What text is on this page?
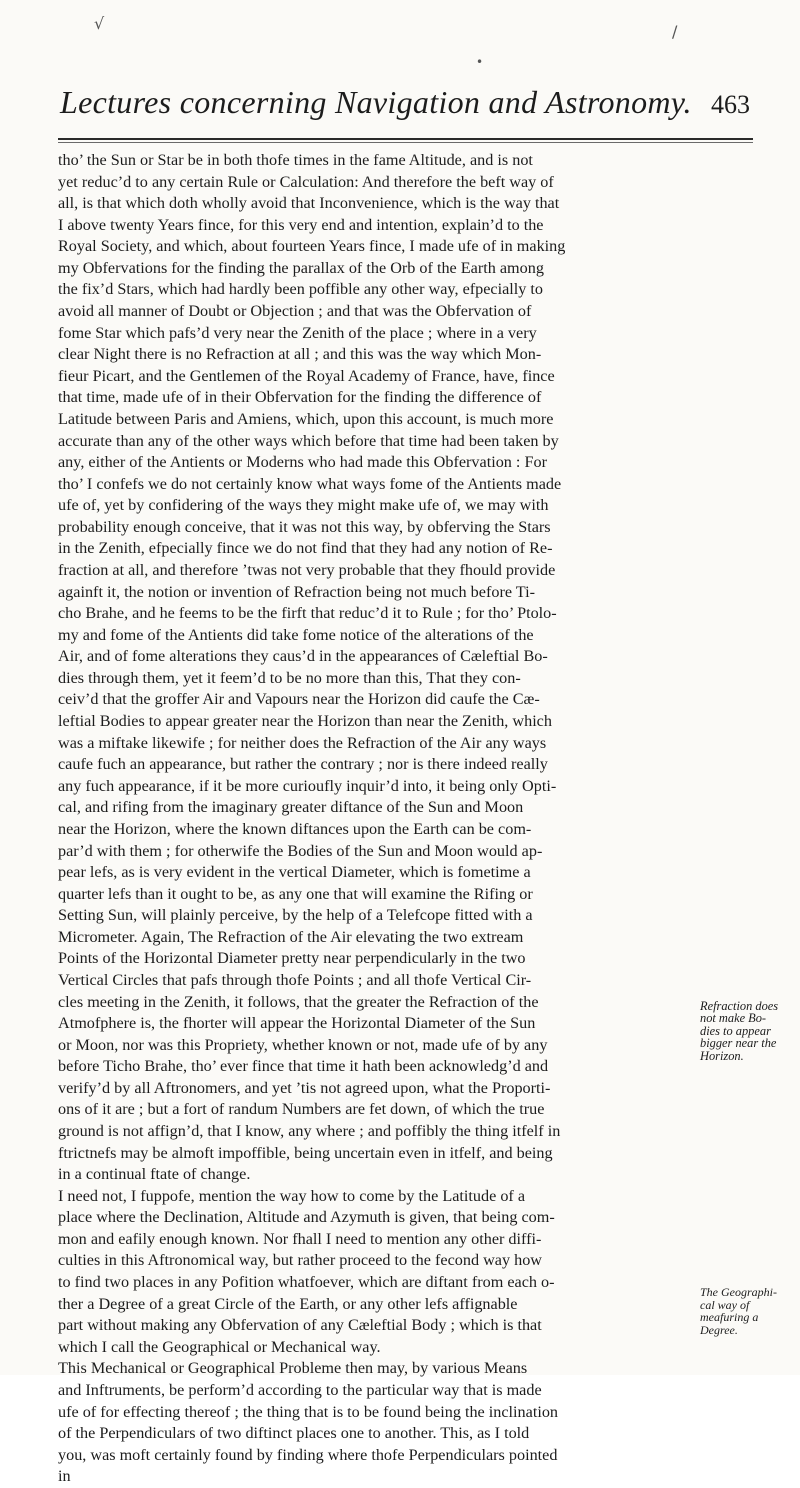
√	/
•
Lectures concerning Navigation and Astronomy. 463
tho’ the Sun or Star be in both thofe times in the fame Altitude, and is not
yet reduc’d to any certain Rule or Calculation: And therefore the beft way of
all, is that which doth wholly avoid that Inconvenience, which is the way that
I above twenty Years fince, for this very end and intention, explain’d to the
Royal Society, and which, about fourteen Years fince, I made ufe of in making
my Obfervations for the finding the parallax of the Orb of the Earth among
the fix’d Stars, which had hardly been poffible any other way, efpecially to
avoid all manner of Doubt or Objection ; and that was the Obfervation of
fome Star which pafs’d very near the Zenith of the place ; where in a very
clear Night there is no Refraction at all ; and this was the way which Mon-
fieur Picart, and the Gentlemen of the Royal Academy of France, have, fince
that time, made ufe of in their Obfervation for the finding the difference of
Latitude between Paris and Amiens, which, upon this account, is much more
accurate than any of the other ways which before that time had been taken by
any, either of the Antients or Moderns who had made this Obfervation : For
tho’ I confefs we do not certainly know what ways fome of the Antients made
ufe of, yet by confidering of the ways they might make ufe of, we may with
probability enough conceive, that it was not this way, by obferving the Stars
in the Zenith, efpecially fince we do not find that they had any notion of Re-
fraction at all, and therefore ’twas not very probable that they fhould provide
againft it, the notion or invention of Refraction being not much before Ti-
cho Brahe, and he feems to be the firft that reduc’d it to Rule ; for tho’ Ptolo-
my and fome of the Antients did take fome notice of the alterations of the
Air, and of fome alterations they caus’d in the appearances of Cæleftial Bo-
dies through them, yet it feem’d to be no more than this, That they con-
ceiv’d that the groffer Air and Vapours near the Horizon did caufe the Cæ-
leftial Bodies to appear greater near the Horizon than near the Zenith, which
was a miftake likewife ; for neither does the Refraction of the Air any ways
caufe fuch an appearance, but rather the contrary ; nor is there indeed really
any fuch appearance, if it be more curioufly inquir’d into, it being only Opti-
cal, and rifing from the imaginary greater diftance of the Sun and Moon
near the Horizon, where the known diftances upon the Earth can be com-
par’d with them ; for otherwife the Bodies of the Sun and Moon would ap-
pear lefs, as is very evident in the vertical Diameter, which is fometime a
quarter lefs than it ought to be, as any one that will examine the Rifing or
Setting Sun, will plainly perceive, by the help of a Telefcope fitted with a
Micrometer. Again, The Refraction of the Air elevating the two extream
Points of the Horizontal Diameter pretty near perpendicularly in the two
Vertical Circles that pafs through thofe Points ; and all thofe Vertical Cir-
cles meeting in the Zenith, it follows, that the greater the Refraction of the
Atmofphere is, the fhorter will appear the Horizontal Diameter of the Sun
or Moon, nor was this Propriety, whether known or not, made ufe of by any
before Ticho Brahe, tho’ ever fince that time it hath been acknowledg’d and
verify’d by all Aftronomers, and yet ’tis not agreed upon, what the Proporti-
ons of it are ; but a fort of randum Numbers are fet down, of which the true
ground is not affign’d, that I know, any where ; and poffibly the thing itfelf in
ftrictnefs may be almoft impoffible, being uncertain even in itfelf, and being
in a continual ftate of change.
I need not, I fuppofe, mention the way how to come by the Latitude of a
place where the Declination, Altitude and Azymuth is given, that being com-
mon and eafily enough known. Nor fhall I need to mention any other diffi-
culties in this Aftronomical way, but rather proceed to the fecond way how
to find two places in any Pofition whatfoever, which are diftant from each o-
ther a Degree of a great Circle of the Earth, or any other lefs affignable
part without making any Obfervation of any Cæleftial Body ; which is that
which I call the Geographical or Mechanical way.
This Mechanical or Geographical Probleme then may, by various Means
and Inftruments, be perform’d according to the particular way that is made
ufe of for effecting thereof ; the thing that is to be found being the inclination
of the Perpendiculars of two diftinct places one to another. This, as I told
you, was moft certainly found by finding where thofe Perpendiculars pointed
in
Refraction does
not make Bo-
dies to appear
bigger near the
Horizon.
The Geographi-
cal way of
meafuring a
Degree.
